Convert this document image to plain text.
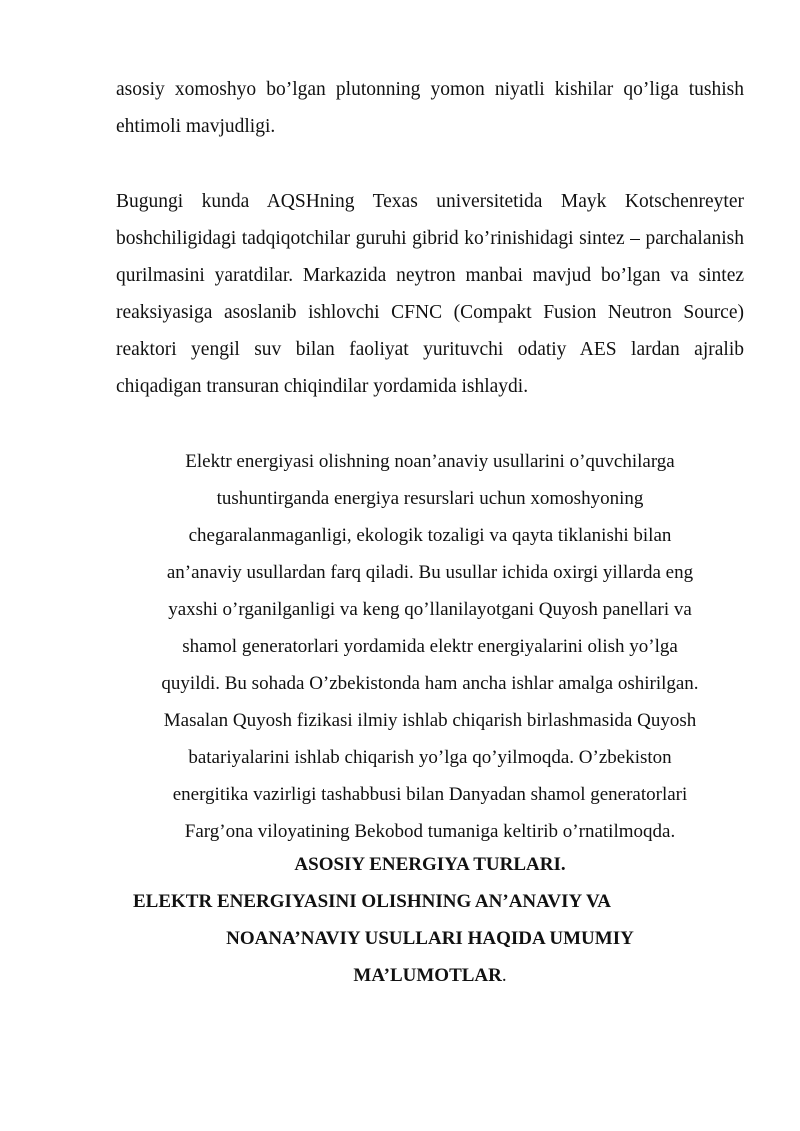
asosiy xomoshyo bo’lgan plutonning yomon niyatli kishilar qo’liga tushish ehtimoli mavjudligi.

Bugungi kunda AQSHning Texas universitetida Mayk Kotschenreyter boshchiligidagi tadqiqotchilar guruhi gibrid ko’rinishidagi sintez – parchalanish qurilmasini yaratdilar. Markazida neytron manbai mavjud bo’lgan va sintez reaksiyasiga asoslanib ishlovchi CFNC (Compakt Fusion Neutron Source) reaktori yengil suv bilan faoliyat yurituvchi odatiy AES lardan ajralib chiqadigan transuran chiqindilar yordamida ishlaydi.

Elektr energiyasi olishning noan’anaviy usullarini o’quvchilarga
tushuntirganda energiya resurslari uchun xomoshyoning
chegaralanmaganligi, ekologik tozaligi va qayta tiklanishi bilan
an’anaviy usullardan farq qiladi. Bu usullar ichida oxirgi yillarda eng
yaxshi o’rganilganligi va keng qo’llanilayotgani Quyosh panellari va
shamol generatorlari yordamida elektr energiyalarini olish yo’lga
quyildi. Bu sohada O’zbekistonda ham ancha ishlar amalga oshirilgan.
Masalan Quyosh fizikasi ilmiy ishlab chiqarish birlashmasida Quyosh
batariyalarini ishlab chiqarish yo’lga qo’yilmoqda. O’zbekiston
energitika vazirligi tashabbusi bilan Danyadan shamol generatorlari
Farg’ona viloyatining Bekobod tumaniga keltirib o’rnatilmoqda.
ASOSIY ENERGIYA TURLARI.
ELEKTR ENERGIYASINI OLISHNING AN’ANAVIY VA
NOANA’NAVIY USULLARI HAQIDA UMUMIY
MA’LUMOTLAR.
